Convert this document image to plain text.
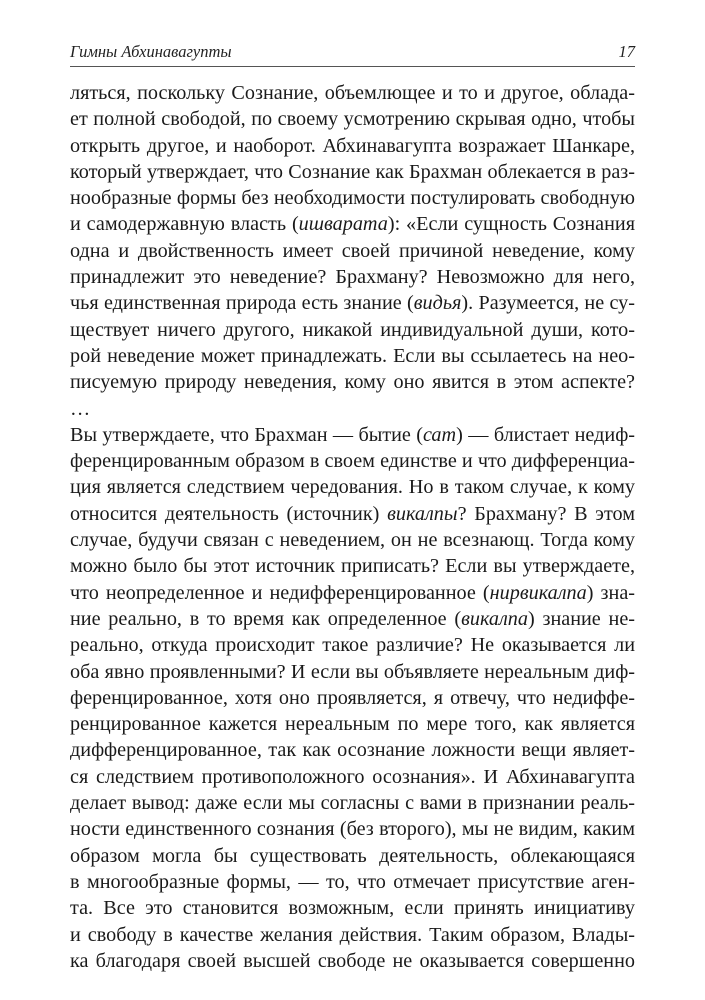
Гимны Абхинавагупты	17
ляться, поскольку Сознание, объемлющее и то и другое, облада-
ет полной свободой, по своему усмотрению скрывая одно, чтобы
открыть другое, и наоборот. Абхинавагупта возражает Шанкаре,
который утверждает, что Сознание как Брахман облекается в раз-
нообразные формы без необходимости постулировать свободную
и самодержавную власть (ишварата): «Если сущность Сознания
одна и двойственность имеет своей причиной неведение, кому
принадлежит это неведение? Брахману? Невозможно для него,
чья единственная природа есть знание (видья). Разумеется, не су-
ществует ничего другого, никакой индивидуальной души, кото-
рой неведение может принадлежать. Если вы ссылаетесь на нео-
писуемую природу неведения, кому оно явится в этом аспекте? …
Вы утверждаете, что Брахман — бытие (сат) — блистает недиф-
ференцированным образом в своем единстве и что дифференциа-
ция является следствием чередования. Но в таком случае, к кому
относится деятельность (источник) викалпы? Брахману? В этом
случае, будучи связан с неведением, он не всезнающ. Тогда кому
можно было бы этот источник приписать? Если вы утверждаете,
что неопределенное и недифференцированное (нирвикалпа) зна-
ние реально, в то время как определенное (викалпа) знание не-
реально, откуда происходит такое различие? Не оказывается ли
оба явно проявленными? И если вы объявляете нереальным диф-
ференцированное, хотя оно проявляется, я отвечу, что недиффе-
ренцированное кажется нереальным по мере того, как является
дифференцированное, так как осознание ложности вещи являет-
ся следствием противоположного осознания». И Абхинавагупта
делает вывод: даже если мы согласны с вами в признании реаль-
ности единственного сознания (без второго), мы не видим, каким
образом могла бы существовать деятельность, облекающаяся
в многообразные формы, — то, что отмечает присутствие аген-
та. Все это становится возможным, если принять инициативу
и свободу в качестве желания действия. Таким образом, Влады-
ка благодаря своей высшей свободе не оказывается совершенно
